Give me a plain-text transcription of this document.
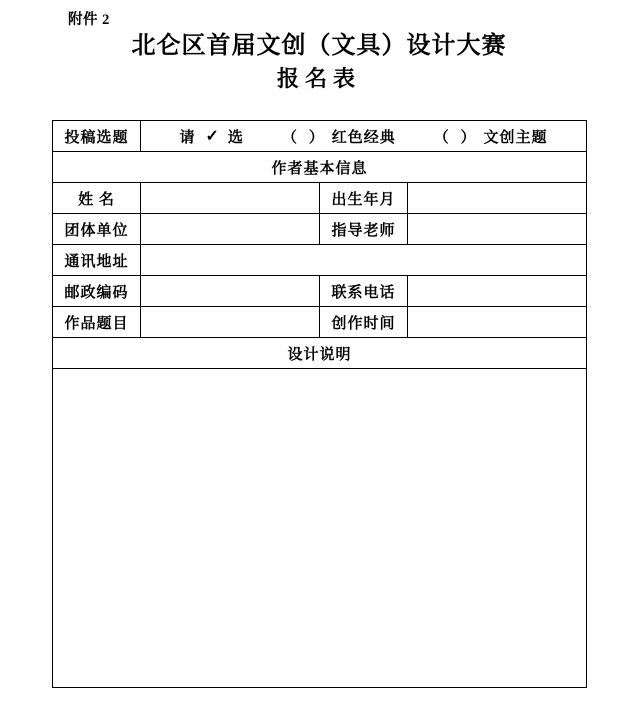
附件 2
北仑区首届文创（文具）设计大赛
报名表
投稿选题	请 ✓ 选	（ ） 红色经典	（ ） 文创主题

作者基本信息			
姓 名		出生年月	
团体单位		指导老师	
通讯地址			
邮政编码		联系电话	
作品题目		创作时间	
设计说明			
